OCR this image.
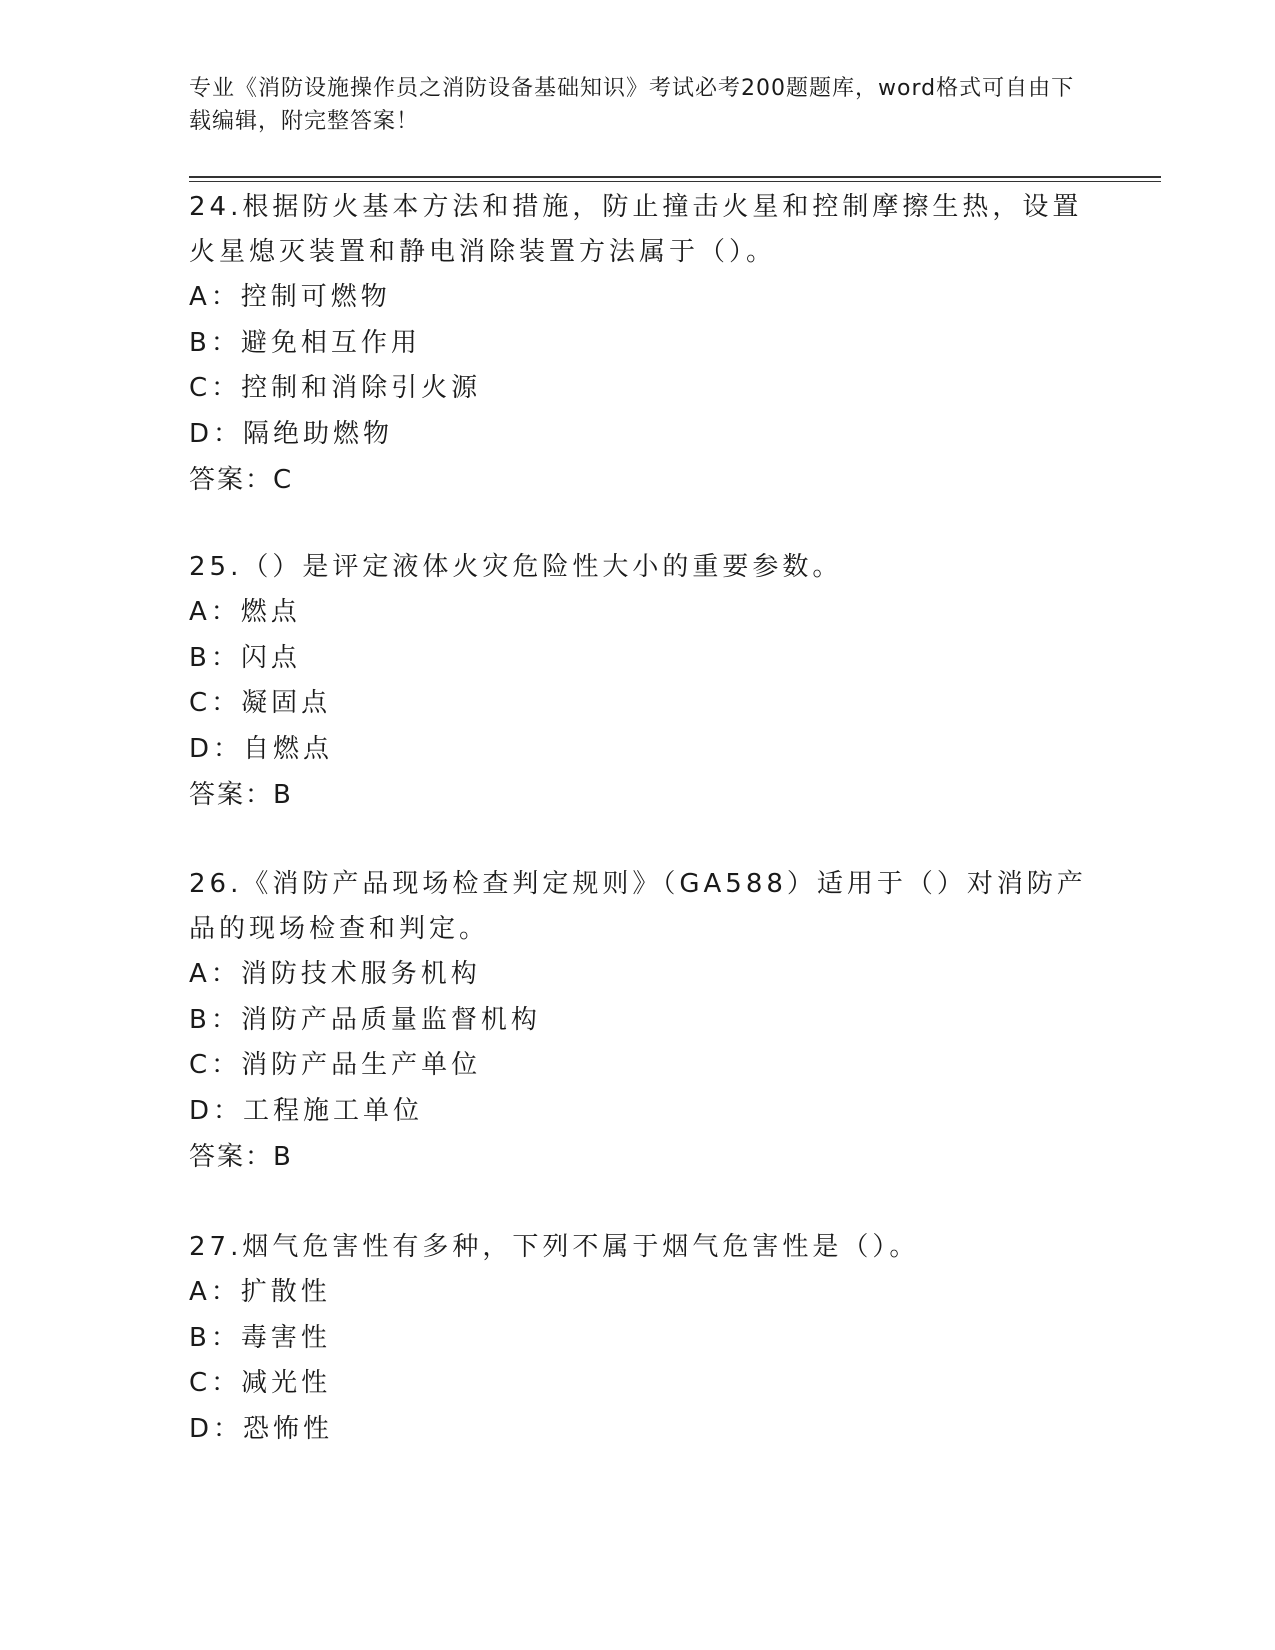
专业《消防设施操作员之消防设备基础知识》考试必考200题题库，word格式可自由下载编辑，附完整答案！
24.根据防火基本方法和措施，防止撞击火星和控制摩擦生热，设置火星熄灭装置和静电消除装置方法属于（）。
A：控制可燃物
B：避免相互作用
C：控制和消除引火源
D：隔绝助燃物
答案：C
25.（）是评定液体火灾危险性大小的重要参数。
A：燃点
B：闪点
C：凝固点
D：自燃点
答案：B
26.《消防产品现场检查判定规则》（GA588）适用于（）对消防产品的现场检查和判定。
A：消防技术服务机构
B：消防产品质量监督机构
C：消防产品生产单位
D：工程施工单位
答案：B
27.烟气危害性有多种，下列不属于烟气危害性是（）。
A：扩散性
B：毒害性
C：减光性
D：恐怖性
